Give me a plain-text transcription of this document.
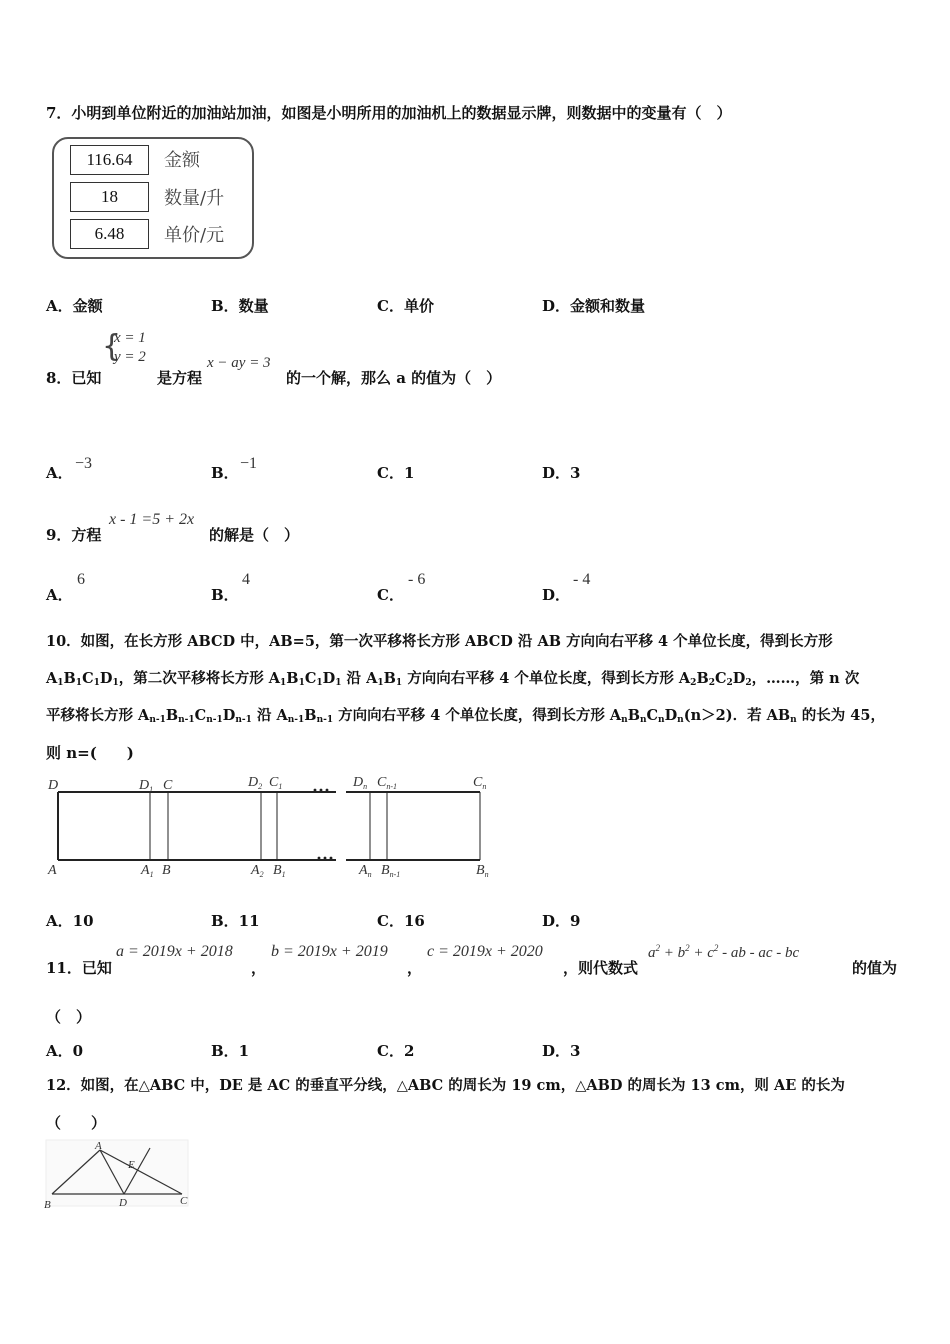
7．小明到单位附近的加油站加油，如图是小明所用的加油机上的数据显示牌，则数据中的变量有（　）
116.64	金额
18	数量/升
6.48	单价/元
A．金额	B．数量	C．单价	D．金额和数量
{
x = 1
y = 2
8．已知	是方程
x − ay = 3
的一个解，那么 a 的值为（　）
A．
−3
B．
−1
C．1	D．3
9．方程
x - 1 =5 + 2x
的解是（　）
A．
6
B．
4
C．
- 6
D．
- 4
10．如图，在长方形 ABCD 中，AB=5，第一次平移将长方形 ABCD 沿 AB 方向向右平移 4 个单位长度，得到长方形
$A_1B_1C_1D_1$，第二次平移将长方形 $A_1B_1C_1D_1$ 沿 $A_1B_1$ 方向向右平移 4 个单位长度，得到长方形 $A_2B_2C_2D_2$，……，第 n 次
平移将长方形 $A_{n-1}B_{n-1}C_{n-1}D_{n-1}$ 沿 $A_{n-1}B_{n-1}$ 方向向右平移 4 个单位长度，得到长方形 $A_nB_nC_nD_n(n>2)$．若 $AB_n$ 的长为 45，
则 n=(　　)
···
···
D	$D_1$ C	$D_2$ $C_1$	$D_n$ $C_{n-1}$	$C_n$
A	$A_1$ B	$A_2$ $B_1$	$A_n$ $B_{n-1}$	$B_n$
A．10	B．11	C．16	D．9
11．已知
a = 2019x + 2018
，
b = 2019x + 2019
，
c = 2019x + 2020
，则代数式
$a^2 + b^2 + c^2$ - ab - ac - bc
的值为
（　）
A．0	B．1	C．2	D．3
12．如图，在△ABC 中，DE 是 AC 的垂直平分线，△ABC 的周长为 19 cm，△ABD 的周长为 13 cm，则 AE 的长为
（　　）
A
B	C
D
E
